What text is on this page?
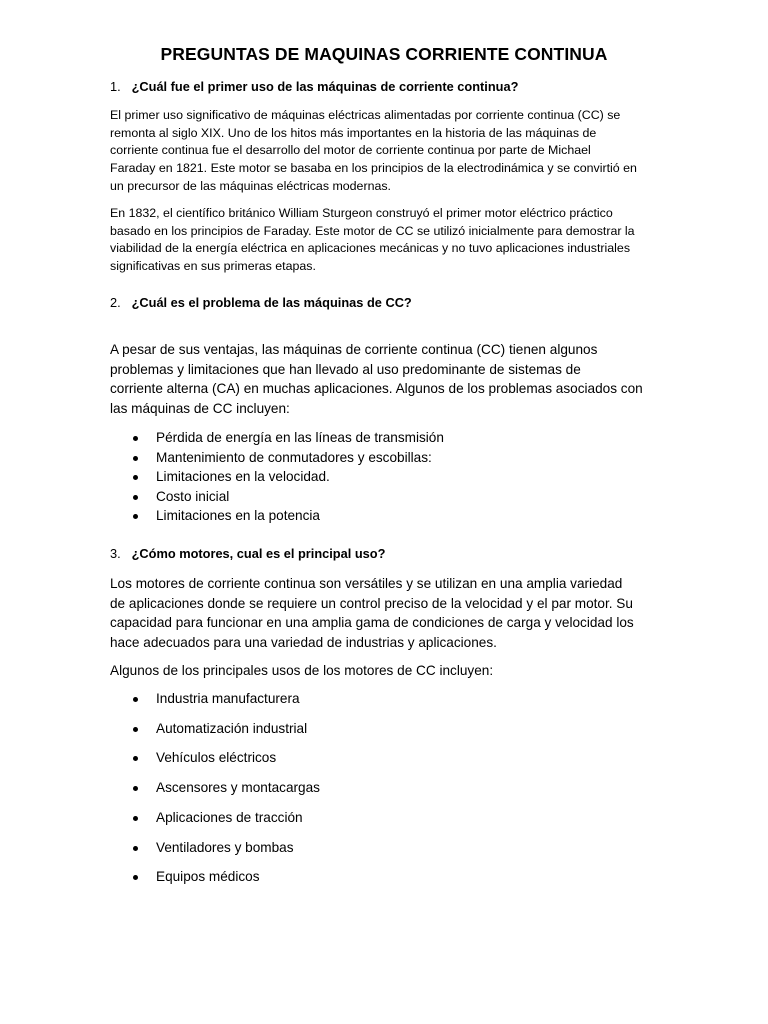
PREGUNTAS DE MAQUINAS CORRIENTE CONTINUA
1. ¿Cuál fue el primer uso de las máquinas de corriente continua?
El primer uso significativo de máquinas eléctricas alimentadas por corriente continua (CC) se
remonta al siglo XIX. Uno de los hitos más importantes en la historia de las máquinas de
corriente continua fue el desarrollo del motor de corriente continua por parte de Michael
Faraday en 1821. Este motor se basaba en los principios de la electrodinámica y se convirtió en
un precursor de las máquinas eléctricas modernas.
En 1832, el científico británico William Sturgeon construyó el primer motor eléctrico práctico
basado en los principios de Faraday. Este motor de CC se utilizó inicialmente para demostrar la
viabilidad de la energía eléctrica en aplicaciones mecánicas y no tuvo aplicaciones industriales
significativas en sus primeras etapas.
2. ¿Cuál es el problema de las máquinas de CC?
A pesar de sus ventajas, las máquinas de corriente continua (CC) tienen algunos
problemas y limitaciones que han llevado al uso predominante de sistemas de
corriente alterna (CA) en muchas aplicaciones. Algunos de los problemas asociados con
las máquinas de CC incluyen:
Pérdida de energía en las líneas de transmisión
Mantenimiento de conmutadores y escobillas:
Limitaciones en la velocidad.
Costo inicial
Limitaciones en la potencia
3. ¿Cómo motores, cual es el principal uso?
Los motores de corriente continua son versátiles y se utilizan en una amplia variedad
de aplicaciones donde se requiere un control preciso de la velocidad y el par motor. Su
capacidad para funcionar en una amplia gama de condiciones de carga y velocidad los
hace adecuados para una variedad de industrias y aplicaciones.
Algunos de los principales usos de los motores de CC incluyen:
Industria manufacturera
Automatización industrial
Vehículos eléctricos
Ascensores y montacargas
Aplicaciones de tracción
Ventiladores y bombas
Equipos médicos
